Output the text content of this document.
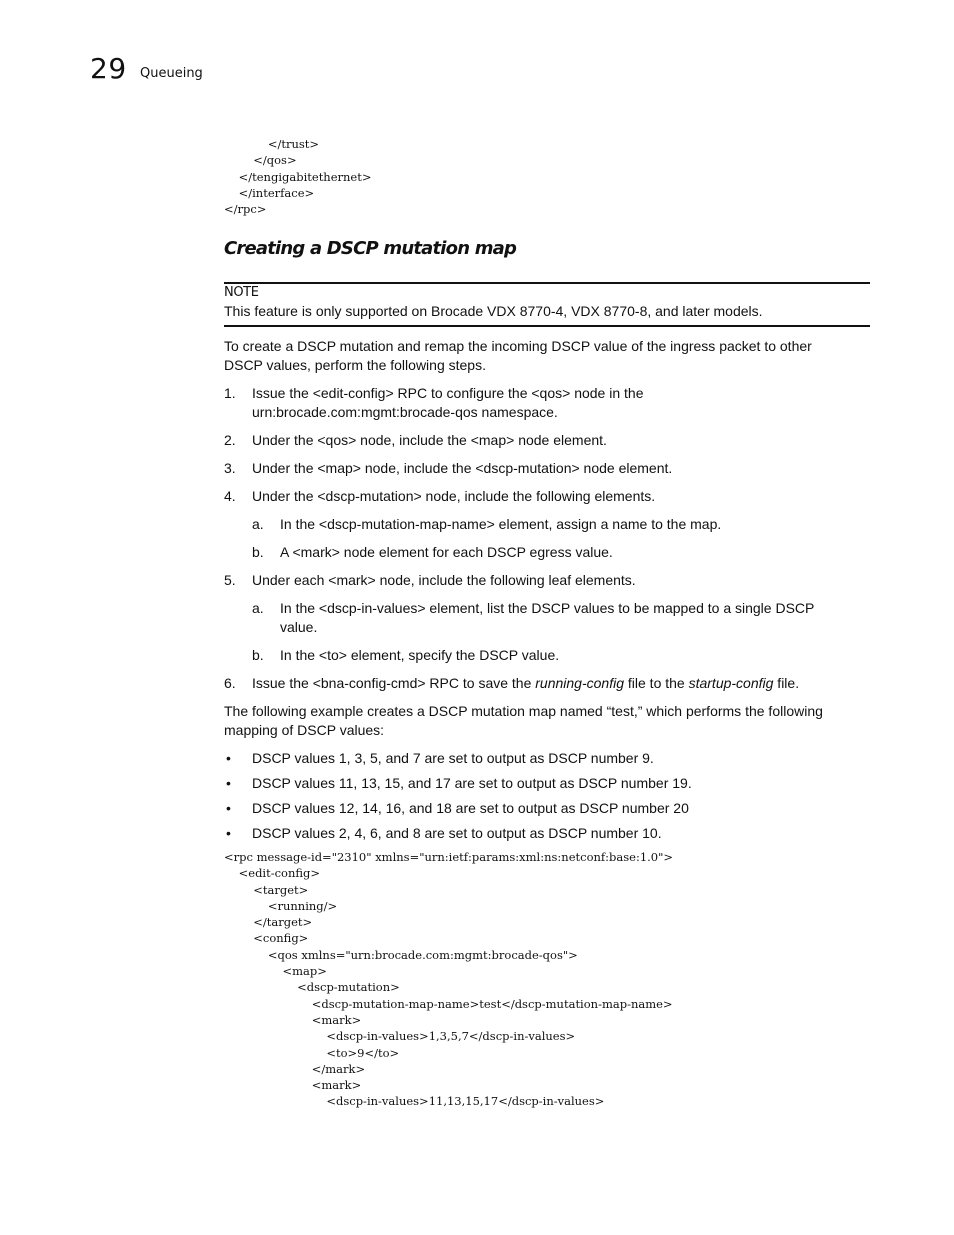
29 Queueing
</trust>
</qos>
</tengigabitethernet>
</interface>
</rpc>
Creating a DSCP mutation map
NOTE
This feature is only supported on Brocade VDX 8770-4, VDX 8770-8, and later models.
To create a DSCP mutation and remap the incoming DSCP value of the ingress packet to other
DSCP values, perform the following steps.
1. Issue the <edit-config> RPC to configure the <qos> node in the
urn:brocade.com:mgmt:brocade-qos namespace.
2. Under the <qos> node, include the <map> node element.
3. Under the <map> node, include the <dscp-mutation> node element.
4. Under the <dscp-mutation> node, include the following elements.
a. In the <dscp-mutation-map-name> element, assign a name to the map.
b. A <mark> node element for each DSCP egress value.
5. Under each <mark> node, include the following leaf elements.
a. In the <dscp-in-values> element, list the DSCP values to be mapped to a single DSCP
value.
b. In the <to> element, specify the DSCP value.
6. Issue the <bna-config-cmd> RPC to save the running-config file to the startup-config file.
The following example creates a DSCP mutation map named “test,” which performs the following
mapping of DSCP values:
• DSCP values 1, 3, 5, and 7 are set to output as DSCP number 9.
• DSCP values 11, 13, 15, and 17 are set to output as DSCP number 19.
• DSCP values 12, 14, 16, and 18 are set to output as DSCP number 20
• DSCP values 2, 4, 6, and 8 are set to output as DSCP number 10.
<rpc message-id="2310" xmlns="urn:ietf:params:xml:ns:netconf:base:1.0">
<edit-config>
<target>
<running/>
</target>
<config>
<qos xmlns="urn:brocade.com:mgmt:brocade-qos">
<map>
<dscp-mutation>
<dscp-mutation-map-name>test</dscp-mutation-map-name>
<mark>
<dscp-in-values>1,3,5,7</dscp-in-values>
<to>9</to>
</mark>
<mark>
<dscp-in-values>11,13,15,17</dscp-in-values>
